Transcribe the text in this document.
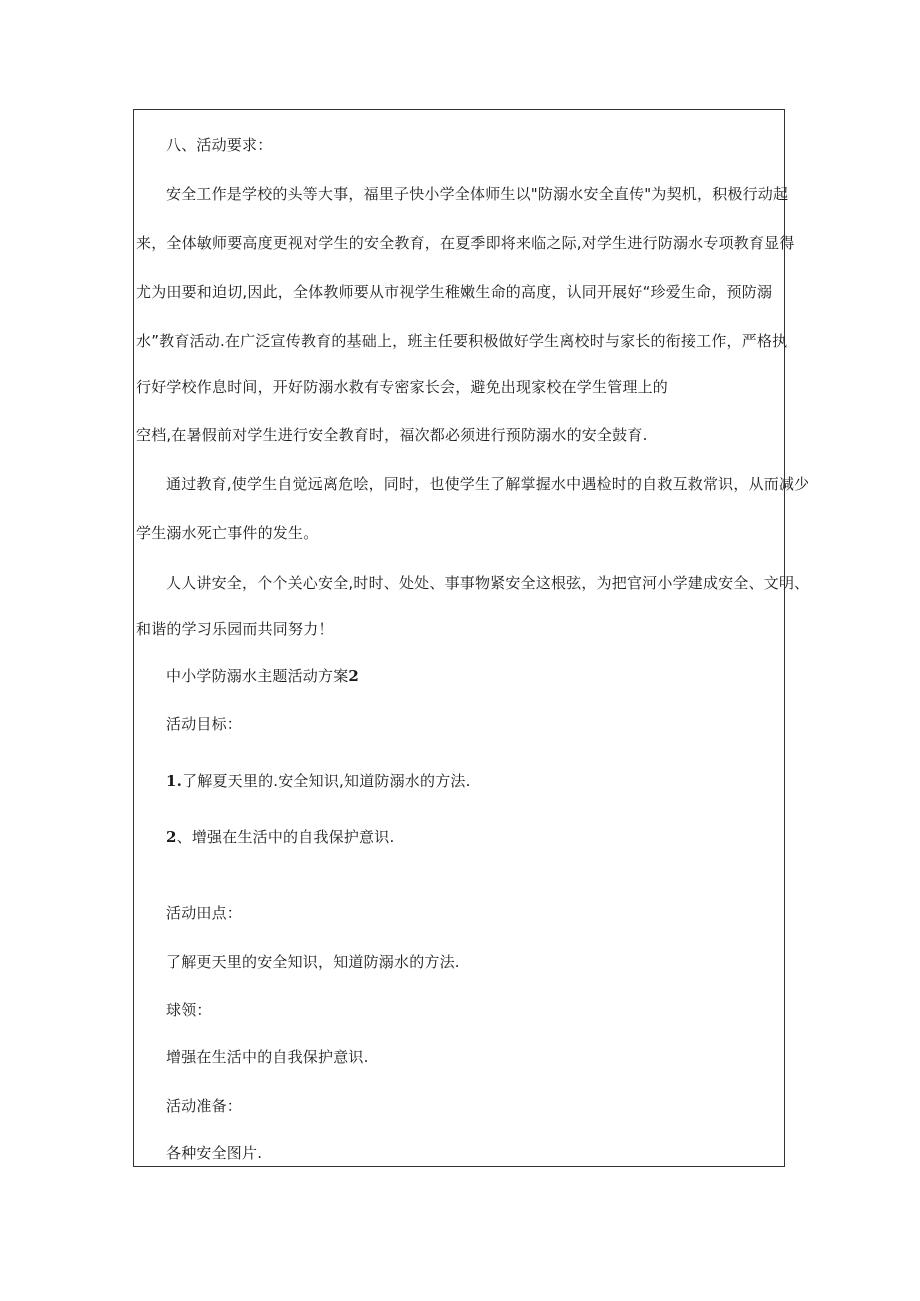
八、活动要求：
安全工作是学校的头等大事，福里子快小学全体师生以"防溺水安全直传"为契机，积极行动起
来，全体敏师要高度更视对学生的安全教育，在夏季即将来临之际,对学生进行防溺水专项教育显得
尤为田要和迫切,因此，全体教师要从市视学生稚嫩生命的高度，认同开展好“珍爱生命，预防溺
水”教育活动.在广泛宣传教育的基础上，班主任要积极做好学生离校时与家长的衔接工作，严格执
行好学校作息时间，开好防溺水救有专密家长会，避免出现家校在学生管理上的
空档,在暑假前对学生进行安全教育时，福次都必须进行预防溺水的安全鼓育.
通过教育,使学生自觉远离危哙，同时，也使学生了解掌握水中遇检时的自救互救常识，从而减少
学生溺水死亡事件的发生。
人人讲安全，个个关心安全,时时、处处、事事物紧安全这根弦，为把官河小学建成安全、文明、
和谐的学习乐园而共同努力！
中小学防溺水主题活动方案2
活动目标：
1.了解夏天里的.安全知识,知道防溺水的方法.
2、增强在生活中的自我保护意识.
活动田点：
了解更天里的安全知识，知道防溺水的方法.
球领：
增强在生活中的自我保护意识.
活动准备：
各种安全图片.
